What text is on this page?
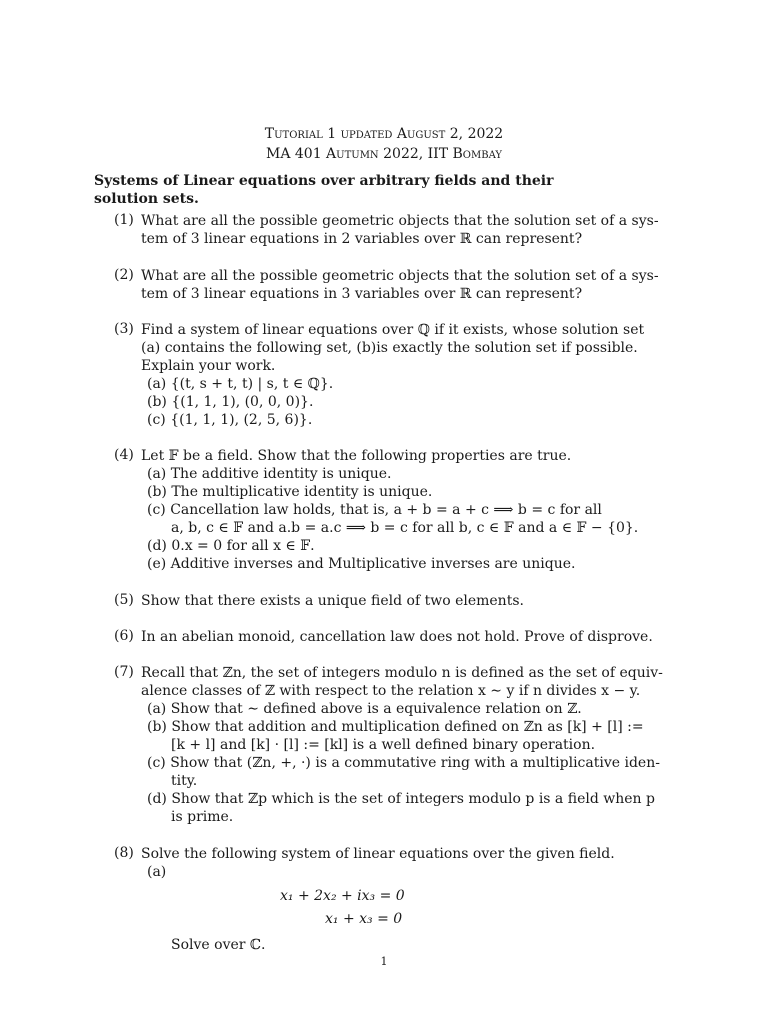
Tutorial 1 updated August 2, 2022
MA 401 Autumn 2022, IIT Bombay
Systems of Linear equations over arbitrary fields and their solution sets.
(1) What are all the possible geometric objects that the solution set of a sys-
tem of 3 linear equations in 2 variables over ℝ can represent?
(2) What are all the possible geometric objects that the solution set of a sys-
tem of 3 linear equations in 3 variables over ℝ can represent?
(3) Find a system of linear equations over ℚ if it exists, whose solution set
(a) contains the following set, (b)is exactly the solution set if possible.
Explain your work.
(a) {(t, s + t, t) | s, t ∈ ℚ}.
(b) {(1, 1, 1), (0, 0, 0)}.
(c) {(1, 1, 1), (2, 5, 6)}.
(4) Let 𝔽 be a field. Show that the following properties are true.
(a) The additive identity is unique.
(b) The multiplicative identity is unique.
(c) Cancellation law holds, that is, a + b = a + c ⟹ b = c for all
a, b, c ∈ 𝔽 and a.b = a.c ⟹ b = c for all b, c ∈ 𝔽 and a ∈ 𝔽 − {0}.
(d) 0.x = 0 for all x ∈ 𝔽.
(e) Additive inverses and Multiplicative inverses are unique.
(5) Show that there exists a unique field of two elements.
(6) In an abelian monoid, cancellation law does not hold. Prove of disprove.
(7) Recall that ℤn, the set of integers modulo n is defined as the set of equiv-
alence classes of ℤ with respect to the relation x ∼ y if n divides x − y.
(a) Show that ∼ defined above is a equivalence relation on ℤ.
(b) Show that addition and multiplication defined on ℤn as [k] + [l] :=
[k + l] and [k] · [l] := [kl] is a well defined binary operation.
(c) Show that (ℤn, +, ·) is a commutative ring with a multiplicative iden-
tity.
(d) Show that ℤp which is the set of integers modulo p is a field when p
is prime.
(8) Solve the following system of linear equations over the given field.
(a)
x₁ + 2x₂ + ix₃ = 0
x₁ + x₃ = 0
Solve over ℂ.
1
